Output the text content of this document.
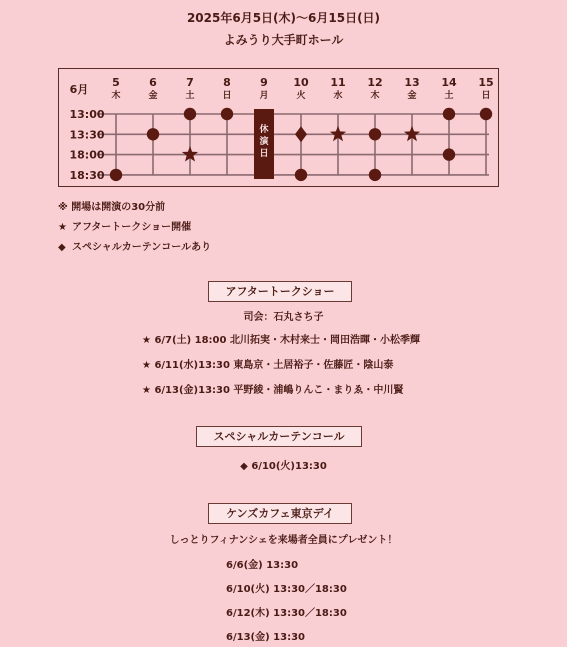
2025年6月5日(木)〜6月15日(日)
よみうり大手町ホール
6月
5
木
6
金
7
土
8
日
9
月
10
火
11
水
12
木
13
金
14
土
15
日
13:00
13:30
18:00
18:30
休
演
日
※ 開場は開演の30分前
★ アフタートークショー開催
◆ スペシャルカーテンコールあり
アフタートークショー
司会：石丸さち子
★ 6/7(土) 18:00 北川拓実・木村来士・岡田浩暉・小松季輝
★ 6/11(水)13:30 東島京・土居裕子・佐藤匠・陰山泰
★ 6/13(金)13:30 平野綾・浦嶋りんこ・まりゑ・中川賢
スペシャルカーテンコール
◆ 6/10(火)13:30
ケンズカフェ東京デイ
しっとりフィナンシェを来場者全員にプレゼント！
6/6(金) 13:30
6/10(火) 13:30／18:30
6/12(木) 13:30／18:30
6/13(金) 13:30
